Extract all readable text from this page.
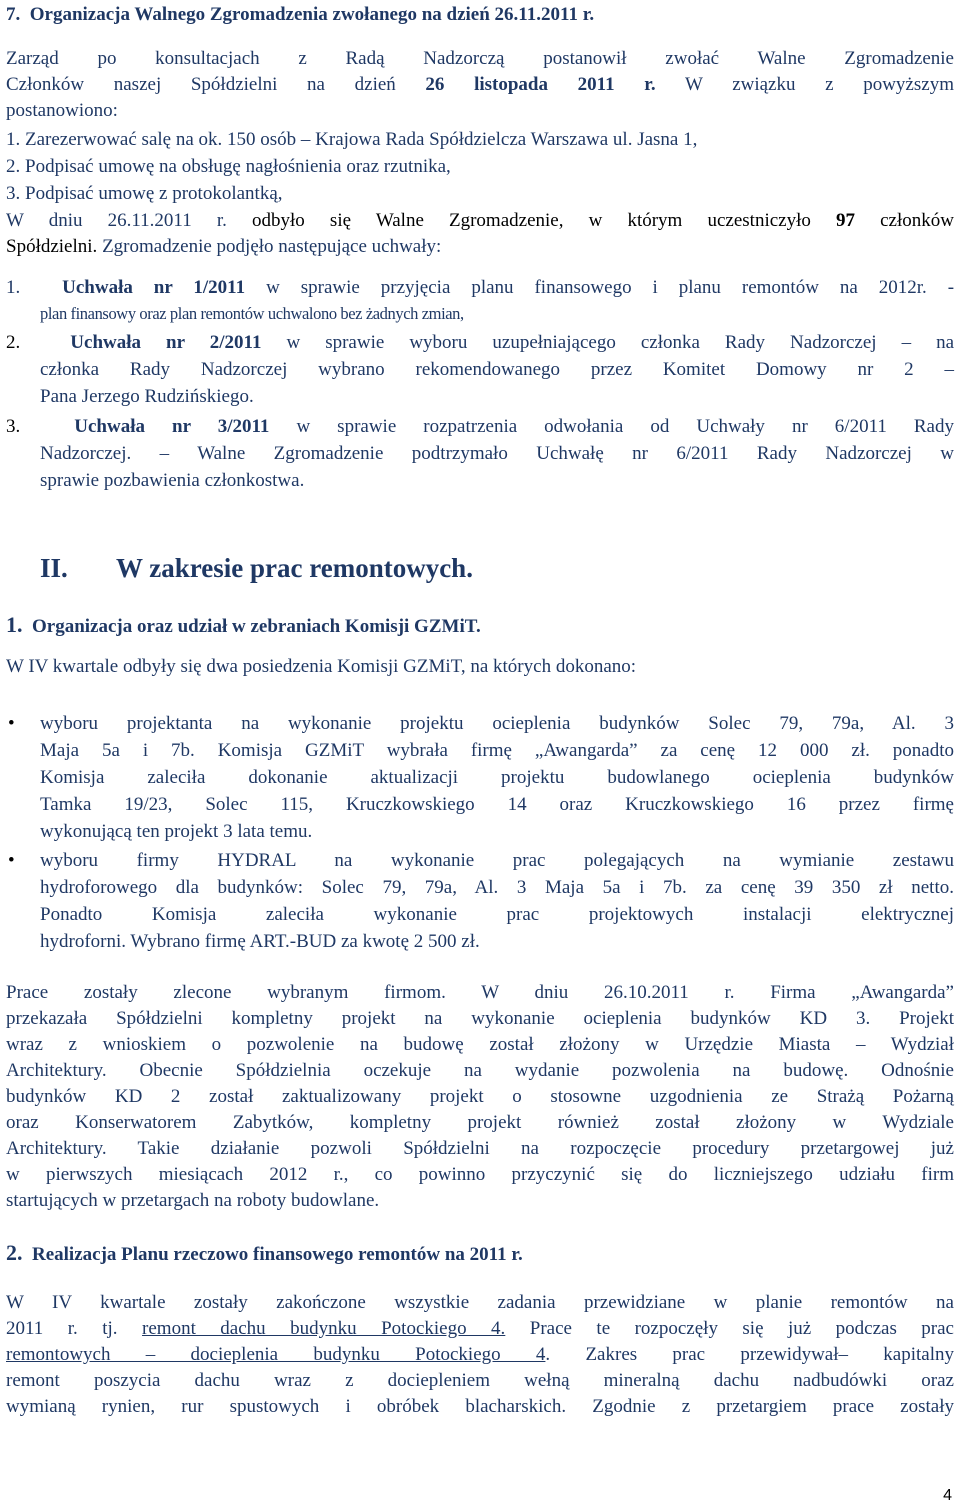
7. Organizacja Walnego Zgromadzenia zwołanego na dzień 26.11.2011 r.
Zarząd po konsultacjach z Radą Nadzorczą postanowił zwołać Walne Zgromadzenie
Członków naszej Spółdzielni na dzień 26 listopada 2011 r. W związku z powyższym
postanowiono:
1. Zarezerwować salę na ok. 150 osób – Krajowa Rada Spółdzielcza Warszawa ul. Jasna 1,
2. Podpisać umowę na obsługę nagłośnienia oraz rzutnika,
3. Podpisać umowę z protokolantką,
W dniu 26.11.2011 r. odbyło się Walne Zgromadzenie, w którym uczestniczyło 97 członków
Spółdzielni. Zgromadzenie podjęło następujące uchwały:
1. Uchwała nr 1/2011 w sprawie przyjęcia planu finansowego i planu remontów na 2012r. -
plan finansowy oraz plan remontów uchwalono bez żadnych zmian,
2.	Uchwała nr 2/2011 w sprawie wyboru uzupełniającego członka Rady Nadzorczej – na
członka Rady Nadzorczej wybrano rekomendowanego przez Komitet Domowy nr 2 –
Pana Jerzego Rudzińskiego.
3.	Uchwała nr 3/2011 w sprawie rozpatrzenia odwołania od Uchwały nr 6/2011 Rady
Nadzorczej. – Walne Zgromadzenie podtrzymało Uchwałę nr 6/2011 Rady Nadzorczej w
sprawie pozbawienia członkostwa.
II. W zakresie prac remontowych.
1. Organizacja oraz udział w zebraniach Komisji GZMiT.
W IV kwartale odbyły się dwa posiedzenia Komisji GZMiT, na których dokonano:
• wyboru projektanta na wykonanie projektu ocieplenia budynków Solec 79, 79a, Al. 3
Maja 5a i 7b. Komisja GZMiT wybrała firmę „Awangarda” za cenę 12 000 zł. ponadto
Komisja zaleciła dokonanie aktualizacji projektu budowlanego ocieplenia budynków
Tamka 19/23, Solec 115, Kruczkowskiego 14 oraz Kruczkowskiego 16 przez firmę
wykonującą ten projekt 3 lata temu.
• wyboru firmy HYDRAL na wykonanie prac polegających na wymianie zestawu
hydroforowego dla budynków: Solec 79, 79a, Al. 3 Maja 5a i 7b. za cenę 39 350 zł netto.
Ponadto Komisja zaleciła wykonanie prac projektowych instalacji elektrycznej
hydroforni. Wybrano firmę ART.-BUD za kwotę 2 500 zł.
Prace zostały zlecone wybranym firmom. W dniu 26.10.2011 r. Firma „Awangarda”
przekazała Spółdzielni kompletny projekt na wykonanie ocieplenia budynków KD 3. Projekt
wraz z wnioskiem o pozwolenie na budowę został złożony w Urzędzie Miasta – Wydział
Architektury. Obecnie Spółdzielnia oczekuje na wydanie pozwolenia na budowę. Odnośnie
budynków KD 2 został zaktualizowany projekt o stosowne uzgodnienia ze Strażą Pożarną
oraz Konserwatorem Zabytków, kompletny projekt również został złożony w Wydziale
Architektury. Takie działanie pozwoli Spółdzielni na rozpoczęcie procedury przetargowej już
w pierwszych miesiącach 2012 r., co powinno przyczynić się do liczniejszego udziału firm
startujących w przetargach na roboty budowlane.
2. Realizacja Planu rzeczowo finansowego remontów na 2011 r.
W IV kwartale zostały zakończone wszystkie zadania przewidziane w planie remontów na
2011 r. tj. remont dachu budynku Potockiego 4. Prace te rozpoczęły się już podczas prac
remontowych – docieplenia budynku Potockiego 4. Zakres prac przewidywał– kapitalny
remont poszycia dachu wraz z dociepleniem wełną mineralną dachu nadbudówki oraz
wymianą rynien, rur spustowych i obróbek blacharskich. Zgodnie z przetargiem prace zostały
4
